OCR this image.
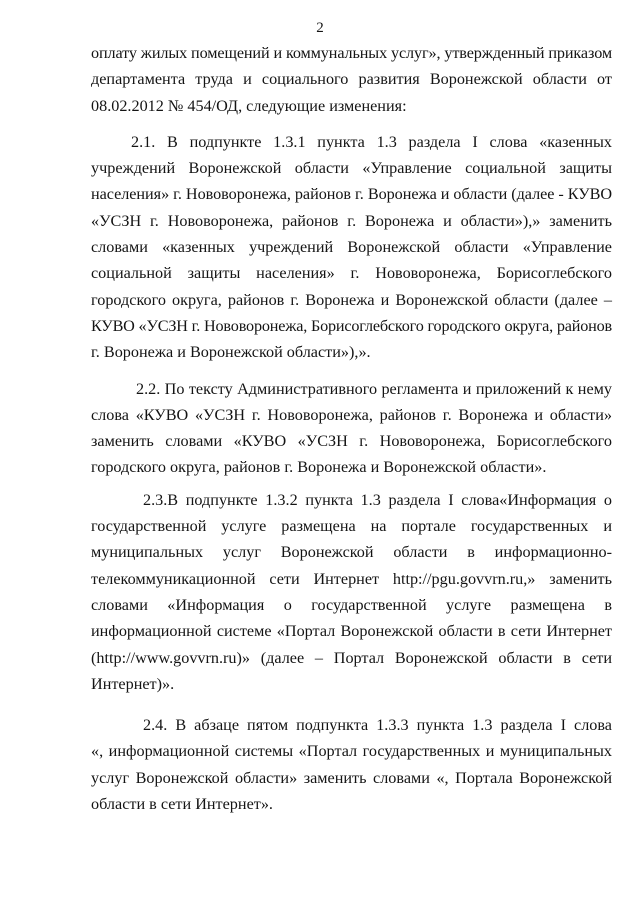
2
оплату жилых помещений и коммунальных услуг», утвержденный приказом
департамента труда и социального развития Воронежской области от
08.02.2012 № 454/ОД, следующие изменения:
2.1. В подпункте 1.3.1 пункта 1.3 раздела I слова «казенных
учреждений Воронежской области «Управление социальной защиты
населения» г. Нововоронежа, районов г. Воронежа и области (далее - КУВО
«УСЗН г. Нововоронежа, районов г. Воронежа и области»),» заменить
словами «казенных учреждений Воронежской области «Управление
социальной защиты населения» г. Нововоронежа, Борисоглебского
городского округа, районов г. Воронежа и Воронежской области (далее –
КУВО «УСЗН г. Нововоронежа, Борисоглебского городского округа, районов
г. Воронежа и Воронежской области»),».
2.2. По тексту Административного регламента и приложений к нему
слова «КУВО «УСЗН г. Нововоронежа, районов г. Воронежа и области»
заменить словами «КУВО «УСЗН г. Нововоронежа, Борисоглебского
городского округа, районов г. Воронежа и Воронежской области».
2.3.В подпункте 1.3.2 пункта 1.3 раздела I слова«Информация о
государственной услуге размещена на портале государственных и
муниципальных услуг Воронежской области в информационно-
телекоммуникационной сети Интернет http://pgu.govvrn.ru,» заменить
словами «Информация о государственной услуге размещена в
информационной системе «Портал Воронежской области в сети Интернет
(http://www.govvrn.ru)» (далее – Портал Воронежской области в сети
Интернет)».
2.4. В абзаце пятом подпункта 1.3.3 пункта 1.3 раздела I слова
«, информационной системы «Портал государственных и муниципальных
услуг Воронежской области» заменить словами «, Портала Воронежской
области в сети Интернет».
